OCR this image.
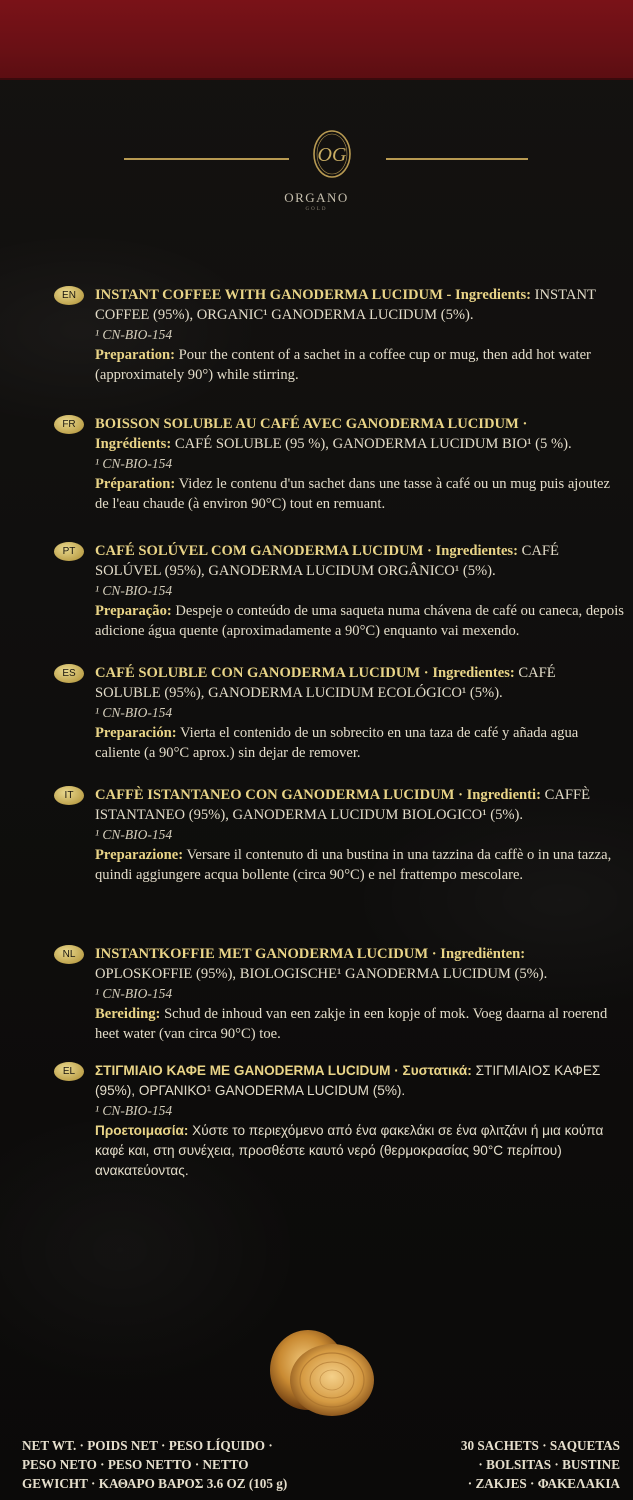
OG
ORGANO
GOLD
EN	INSTANT COFFEE WITH GANODERMA LUCIDUM - Ingredients: INSTANT COFFEE (95%), ORGANIC¹ GANODERMA LUCIDUM (5%).
¹ CN-BIO-154
Preparation: Pour the content of a sachet in a coffee cup or mug, then add hot water (approximately 90°) while stirring.
FR	BOISSON SOLUBLE AU CAFÉ AVEC GANODERMA LUCIDUM ·
Ingrédients: CAFÉ SOLUBLE (95 %), GANODERMA LUCIDUM BIO¹ (5 %).
¹ CN-BIO-154
Préparation: Videz le contenu d'un sachet dans une tasse à café ou un mug puis ajoutez de l'eau chaude (à environ 90°C) tout en remuant.
PT	CAFÉ SOLÚVEL COM GANODERMA LUCIDUM · Ingredientes: CAFÉ SOLÚVEL (95%), GANODERMA LUCIDUM ORGÂNICO¹ (5%).
¹ CN-BIO-154
Preparação: Despeje o conteúdo de uma saqueta numa chávena de café ou caneca, depois adicione água quente (aproximadamente a 90°C) enquanto vai mexendo.
ES	CAFÉ SOLUBLE CON GANODERMA LUCIDUM · Ingredientes: CAFÉ SOLUBLE (95%), GANODERMA LUCIDUM ECOLÓGICO¹ (5%).
¹ CN-BIO-154
Preparación: Vierta el contenido de un sobrecito en una taza de café y añada agua caliente (a 90°C aprox.) sin dejar de remover.
IT	CAFFÈ ISTANTANEO CON GANODERMA LUCIDUM · Ingredienti: CAFFÈ ISTANTANEO (95%), GANODERMA LUCIDUM BIOLOGICO¹ (5%).
¹ CN-BIO-154
Preparazione: Versare il contenuto di una bustina in una tazzina da caffè o in una tazza, quindi aggiungere acqua bollente (circa 90°C) e nel frattempo mescolare.
NL	INSTANTKOFFIE MET GANODERMA LUCIDUM · Ingrediënten: OPLOSKOFFIE (95%), BIOLOGISCHE¹ GANODERMA LUCIDUM (5%).
¹ CN-BIO-154
Bereiding: Schud de inhoud van een zakje in een kopje of mok. Voeg daarna al roerend heet water (van circa 90°C) toe.
EL	ΣΤΙΓΜΙΑΙΟ ΚΑΦΕ ΜΕ GANODERMA LUCIDUM · Συστατικά: ΣΤΙΓΜΙΑΙΟΣ ΚΑΦΕΣ (95%), ΟΡΓΑΝΙΚΟ¹ GANODERMA LUCIDUM (5%).
¹ CN-BIO-154
Προετοιμασία: Χύστε το περιεχόμενο από ένα φακελάκι σε ένα φλιτζάνι ή μια κούπα καφέ και, στη συνέχεια, προσθέστε καυτό νερό (θερμοκρασίας 90°C περίπου) ανακατεύοντας.
NET WT. · POIDS NET · PESO LÍQUIDO ·
PESO NETO · PESO NETTO · NETTO
GEWICHT · ΚΑΘΑΡΟ ΒΑΡΟΣ 3.6 OZ (105 g)
30 SACHETS · SAQUETAS
· BOLSITAS · BUSTINE
· ZAKJES · ΦΑΚΕΛΑΚΙΑ
